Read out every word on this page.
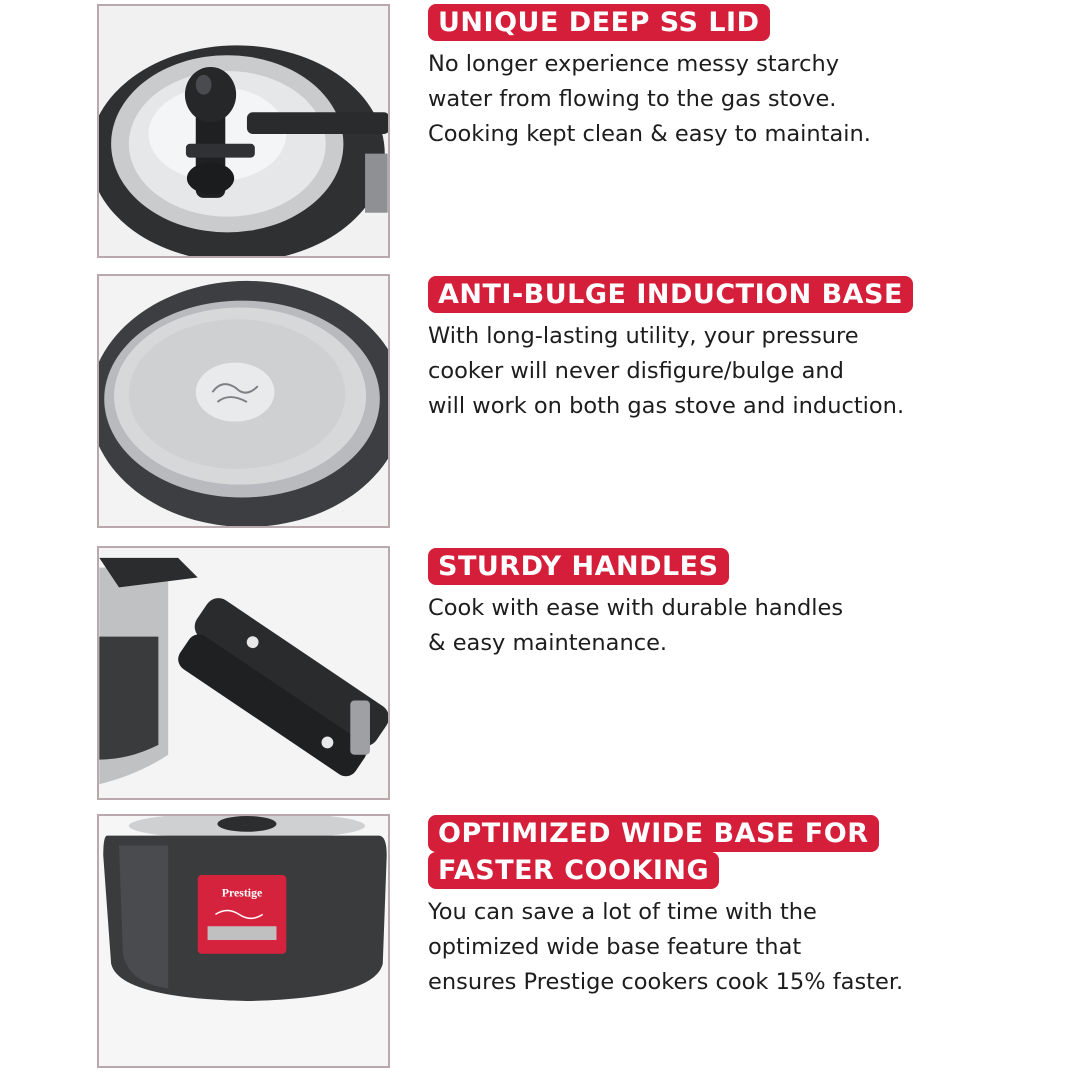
UNIQUE DEEP SS LID
No longer experience messy starchy
water from flowing to the gas stove.
Cooking kept clean & easy to maintain.
ANTI-BULGE INDUCTION BASE
With long-lasting utility, your pressure
cooker will never disfigure/bulge and
will work on both gas stove and induction.
STURDY HANDLES
Cook with ease with durable handles
& easy maintenance.
Prestige
OPTIMIZED WIDE BASE FOR
FASTER COOKING
You can save a lot of time with the
optimized wide base feature that
ensures Prestige cookers cook 15% faster.
